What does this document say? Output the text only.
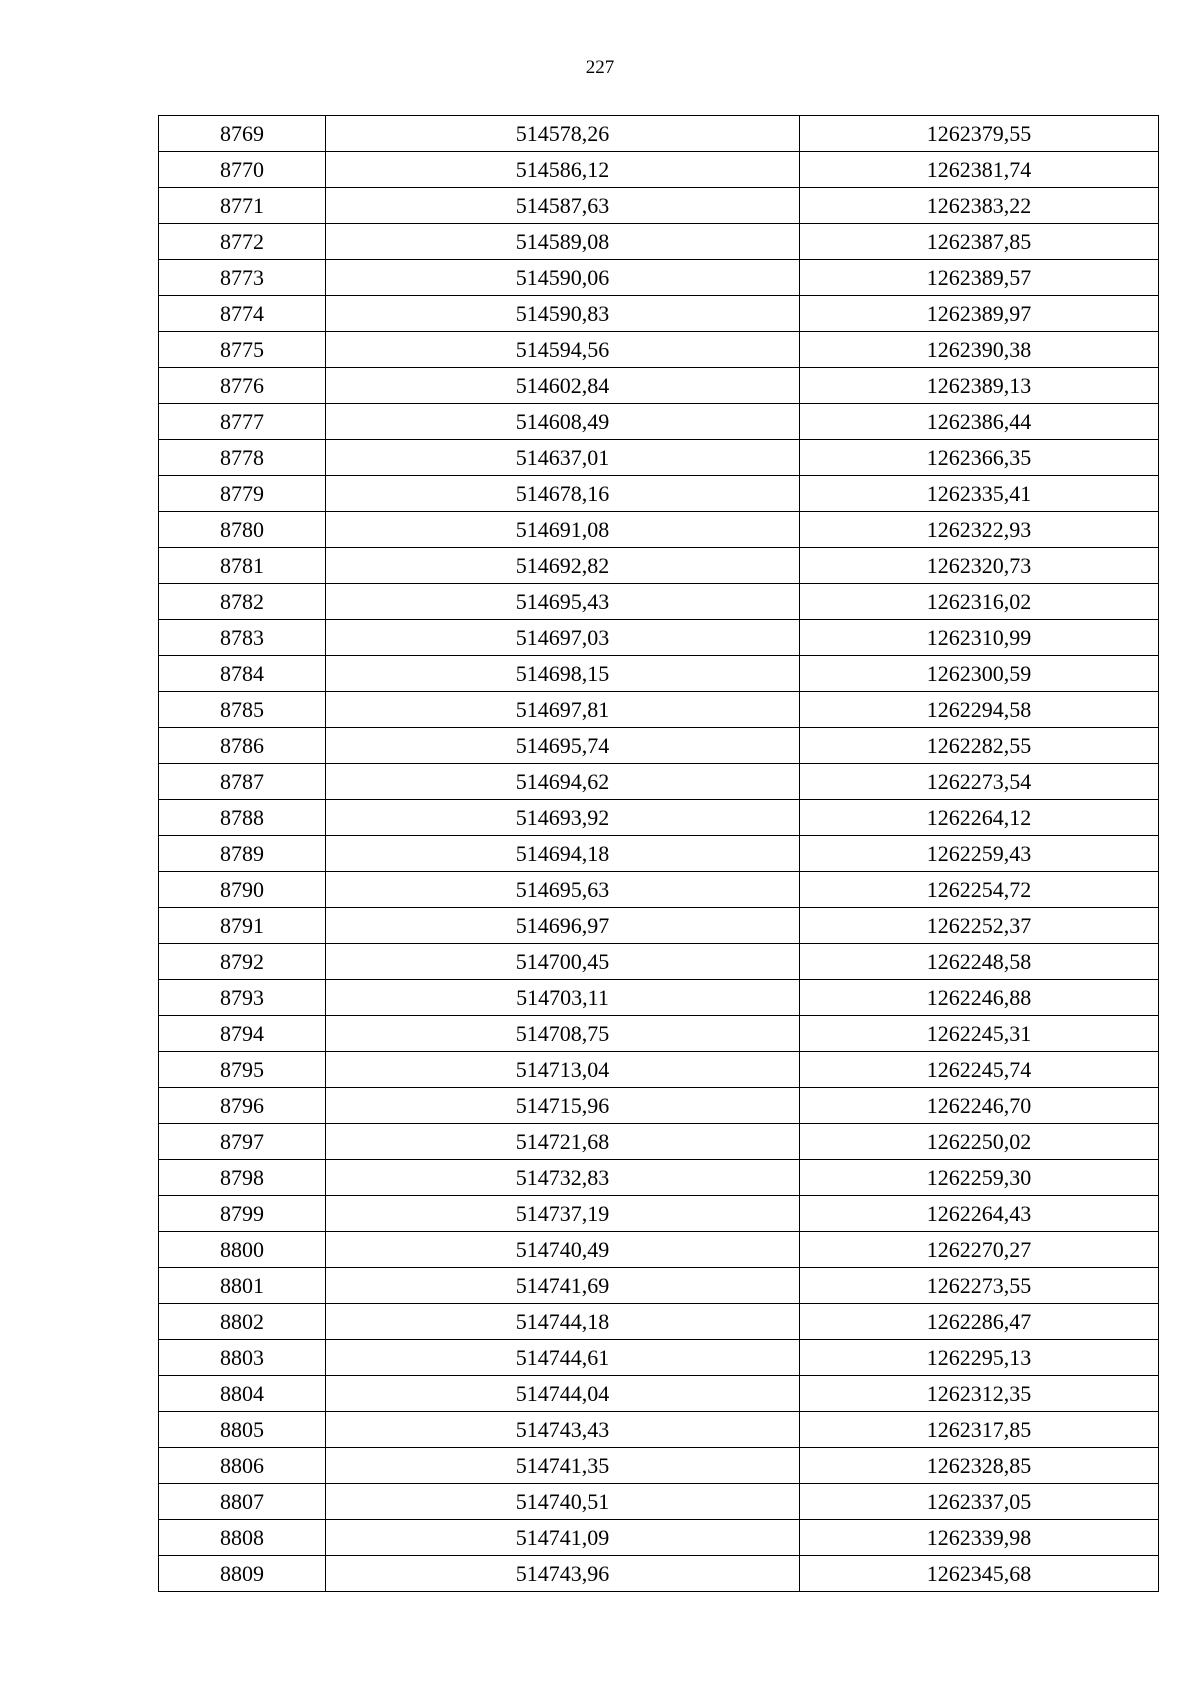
227
8769	514578,26	1262379,55
8770	514586,12	1262381,74
8771	514587,63	1262383,22
8772	514589,08	1262387,85
8773	514590,06	1262389,57
8774	514590,83	1262389,97
8775	514594,56	1262390,38
8776	514602,84	1262389,13
8777	514608,49	1262386,44
8778	514637,01	1262366,35
8779	514678,16	1262335,41
8780	514691,08	1262322,93
8781	514692,82	1262320,73
8782	514695,43	1262316,02
8783	514697,03	1262310,99
8784	514698,15	1262300,59
8785	514697,81	1262294,58
8786	514695,74	1262282,55
8787	514694,62	1262273,54
8788	514693,92	1262264,12
8789	514694,18	1262259,43
8790	514695,63	1262254,72
8791	514696,97	1262252,37
8792	514700,45	1262248,58
8793	514703,11	1262246,88
8794	514708,75	1262245,31
8795	514713,04	1262245,74
8796	514715,96	1262246,70
8797	514721,68	1262250,02
8798	514732,83	1262259,30
8799	514737,19	1262264,43
8800	514740,49	1262270,27
8801	514741,69	1262273,55
8802	514744,18	1262286,47
8803	514744,61	1262295,13
8804	514744,04	1262312,35
8805	514743,43	1262317,85
8806	514741,35	1262328,85
8807	514740,51	1262337,05
8808	514741,09	1262339,98
8809	514743,96	1262345,68
